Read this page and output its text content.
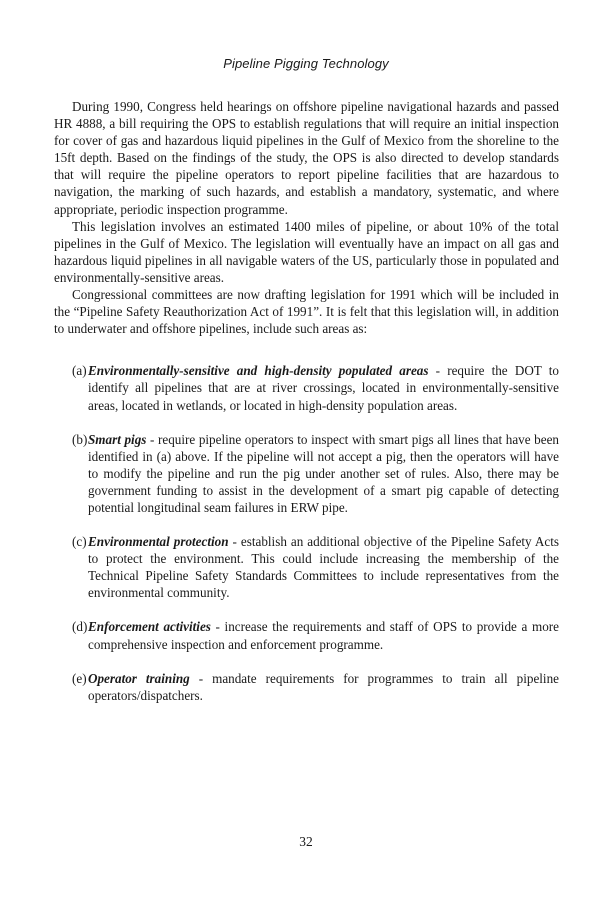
Pipeline Pigging Technology

During 1990, Congress held hearings on offshore pipeline navigational hazards and passed HR 4888, a bill requiring the OPS to establish regulations that will require an initial inspection for cover of gas and hazardous liquid pipelines in the Gulf of Mexico from the shoreline to the 15ft depth. Based on the findings of the study, the OPS is also directed to develop standards that will require the pipeline operators to report pipeline facilities that are hazardous to navigation, the marking of such hazards, and establish a mandatory, systematic, and where appropriate, periodic inspection programme.

This legislation involves an estimated 1400 miles of pipeline, or about 10% of the total pipelines in the Gulf of Mexico. The legislation will eventually have an impact on all gas and hazardous liquid pipelines in all navigable waters of the US, particularly those in populated and environmentally-sensitive areas.

Congressional committees are now drafting legislation for 1991 which will be included in the “Pipeline Safety Reauthorization Act of 1991”. It is felt that this legislation will, in addition to underwater and offshore pipelines, include such areas as:

(a) Environmentally-sensitive and high-density populated areas - require the DOT to identify all pipelines that are at river crossings, located in environmentally-sensitive areas, located in wetlands, or located in high-density population areas.
(b) Smart pigs - require pipeline operators to inspect with smart pigs all lines that have been identified in (a) above. If the pipeline will not accept a pig, then the operators will have to modify the pipeline and run the pig under another set of rules. Also, there may be government funding to assist in the development of a smart pig capable of detecting potential longitudinal seam failures in ERW pipe.
(c) Environmental protection - establish an additional objective of the Pipeline Safety Acts to protect the environment. This could include increasing the membership of the Technical Pipeline Safety Standards Committees to include representatives from the environmental community.
(d) Enforcement activities - increase the requirements and staff of OPS to provide a more comprehensive inspection and enforcement programme.
(e) Operator training - mandate requirements for programmes to train all pipeline operators/dispatchers.
32
